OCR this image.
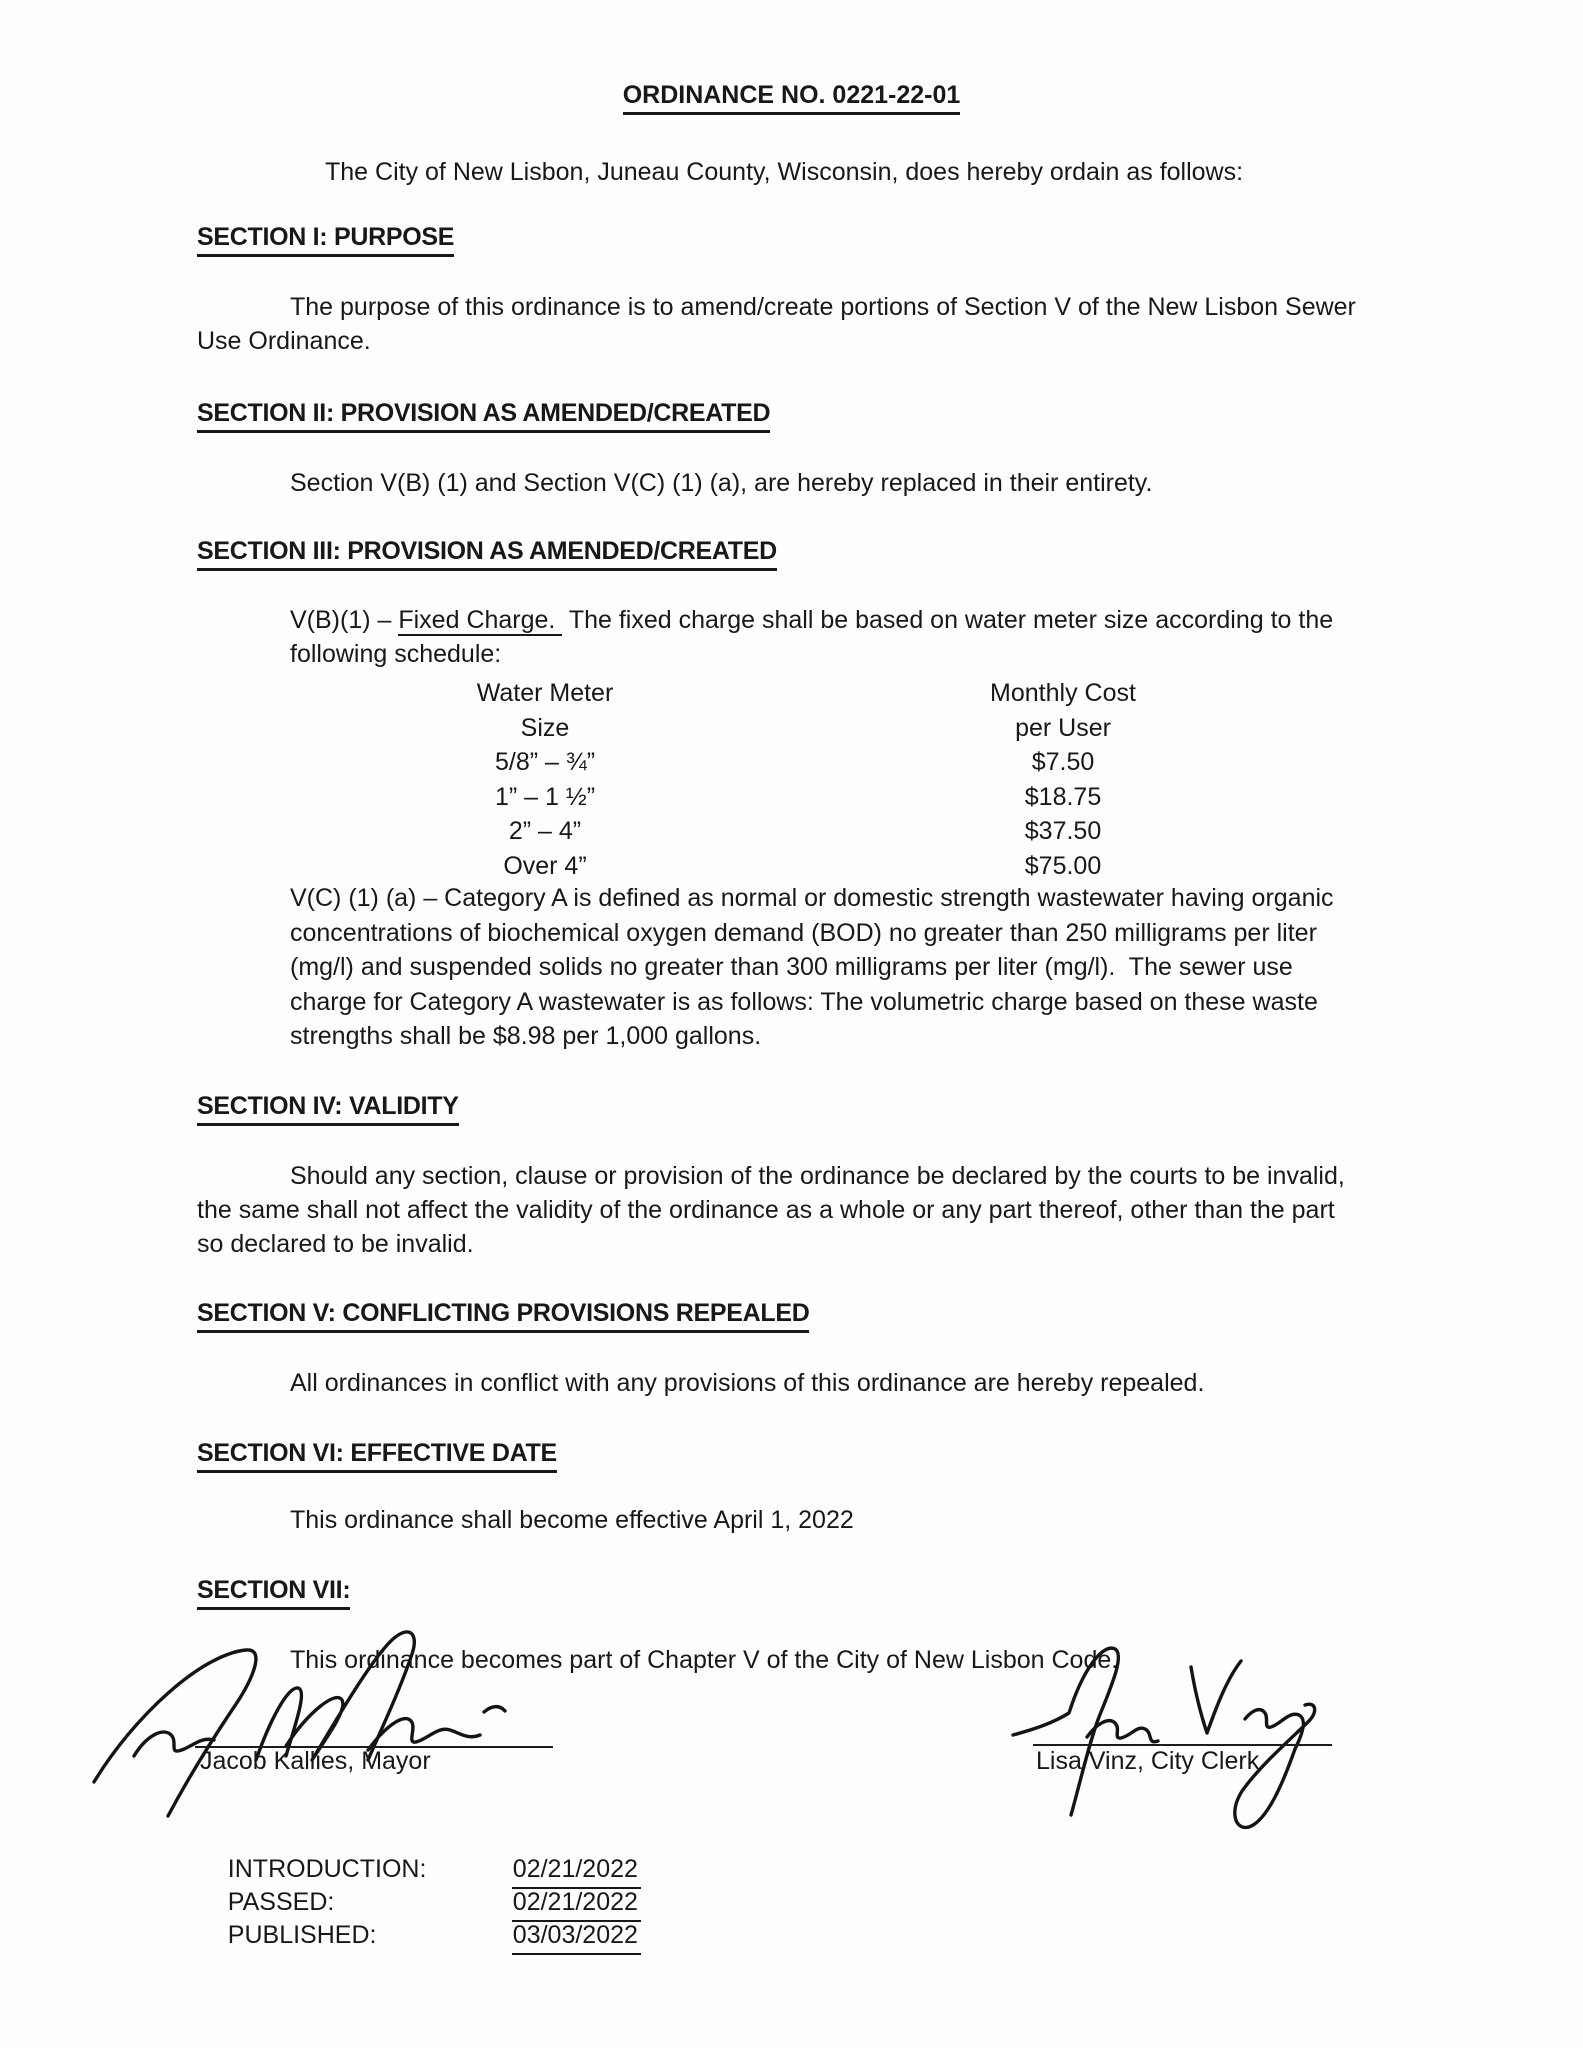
ORDINANCE NO. 0221-22-01
The City of New Lisbon, Juneau County, Wisconsin, does hereby ordain as follows:
SECTION I: PURPOSE
The purpose of this ordinance is to amend/create portions of Section V of the New Lisbon Sewer
Use Ordinance.
SECTION II: PROVISION AS AMENDED/CREATED
Section V(B) (1) and Section V(C) (1) (a), are hereby replaced in their entirety.
SECTION III: PROVISION AS AMENDED/CREATED
V(B)(1) – Fixed Charge.  The fixed charge shall be based on water meter size according to the
following schedule:
Water Meter	Monthly Cost
Size	per User
5/8” – ¾”	$7.50
1” – 1 ½”	$18.75
2” – 4”	$37.50
Over 4”	$75.00
V(C) (1) (a) – Category A is defined as normal or domestic strength wastewater having organic
concentrations of biochemical oxygen demand (BOD) no greater than 250 milligrams per liter
(mg/l) and suspended solids no greater than 300 milligrams per liter (mg/l).  The sewer use
charge for Category A wastewater is as follows: The volumetric charge based on these waste
strengths shall be $8.98 per 1,000 gallons.
SECTION IV: VALIDITY
Should any section, clause or provision of the ordinance be declared by the courts to be invalid,
the same shall not affect the validity of the ordinance as a whole or any part thereof, other than the part
so declared to be invalid.
SECTION V: CONFLICTING PROVISIONS REPEALED
All ordinances in conflict with any provisions of this ordinance are hereby repealed.
SECTION VI: EFFECTIVE DATE
This ordinance shall become effective April 1, 2022
SECTION VII:
This ordinance becomes part of Chapter V of the City of New Lisbon Code.
Jacob Kallies, Mayor	Lisa Vinz, City Clerk

INTRODUCTION:	02/21/2022

PASSED:	02/21/2022

PUBLISHED:	03/03/2022
